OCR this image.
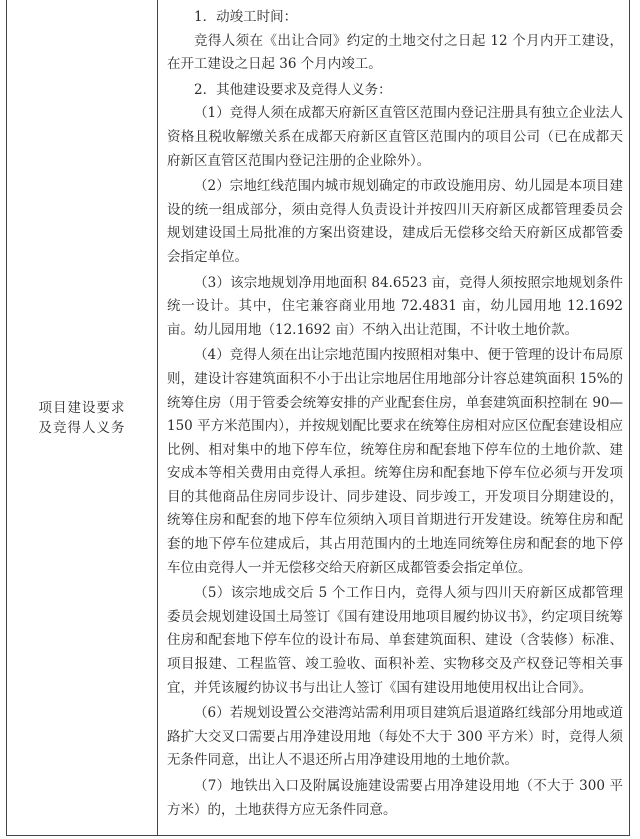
项目建设要求
及竞得人义务

1．动竣工时间：

竞得人须在《出让合同》约定的土地交付之日起 12 个月内开工建设，在开工建设之日起 36 个月内竣工。

2．其他建设要求及竞得人义务：

（1）竞得人须在成都天府新区直管区范围内登记注册具有独立企业法人资格且税收解缴关系在成都天府新区直管区范围内的项目公司（已在成都天府新区直管区范围内登记注册的企业除外）。

（2）宗地红线范围内城市规划确定的市政设施用房、幼儿园是本项目建设的统一组成部分，须由竞得人负责设计并按四川天府新区成都管理委员会规划建设国土局批准的方案出资建设，建成后无偿移交给天府新区成都管委会指定单位。

（3）该宗地规划净用地面积 84.6523 亩，竞得人须按照宗地规划条件统一设计。其中，住宅兼容商业用地 72.4831 亩，幼儿园用地 12.1692 亩。幼儿园用地（12.1692 亩）不纳入出让范围，不计收土地价款。

（4）竞得人须在出让宗地范围内按照相对集中、便于管理的设计布局原则，建设计容建筑面积不小于出让宗地居住用地部分计容总建筑面积 15%的统筹住房（用于管委会统筹安排的产业配套住房，单套建筑面积控制在 90—150 平方米范围内），并按规划配比要求在统筹住房相对应区位配套建设相应比例、相对集中的地下停车位，统筹住房和配套地下停车位的土地价款、建安成本等相关费用由竞得人承担。统筹住房和配套地下停车位必须与开发项目的其他商品住房同步设计、同步建设、同步竣工，开发项目分期建设的，统筹住房和配套的地下停车位须纳入项目首期进行开发建设。统筹住房和配套的地下停车位建成后，其占用范围内的土地连同统筹住房和配套的地下停车位由竞得人一并无偿移交给天府新区成都管委会指定单位。

（5）该宗地成交后 5 个工作日内，竞得人须与四川天府新区成都管理委员会规划建设国土局签订《国有建设用地项目履约协议书》，约定项目统筹住房和配套地下停车位的设计布局、单套建筑面积、建设（含装修）标准、项目报建、工程监管、竣工验收、面积补差、实物移交及产权登记等相关事宜，并凭该履约协议书与出让人签订《国有建设用地使用权出让合同》。

（6）若规划设置公交港湾站需利用项目建筑后退道路红线部分用地或道路扩大交叉口需要占用净建设用地（每处不大于 300 平方米）时，竞得人须无条件同意，出让人不退还所占用净建设用地的土地价款。

（7）地铁出入口及附属设施建设需要占用净建设用地（不大于 300 平方米）的，土地获得方应无条件同意。
